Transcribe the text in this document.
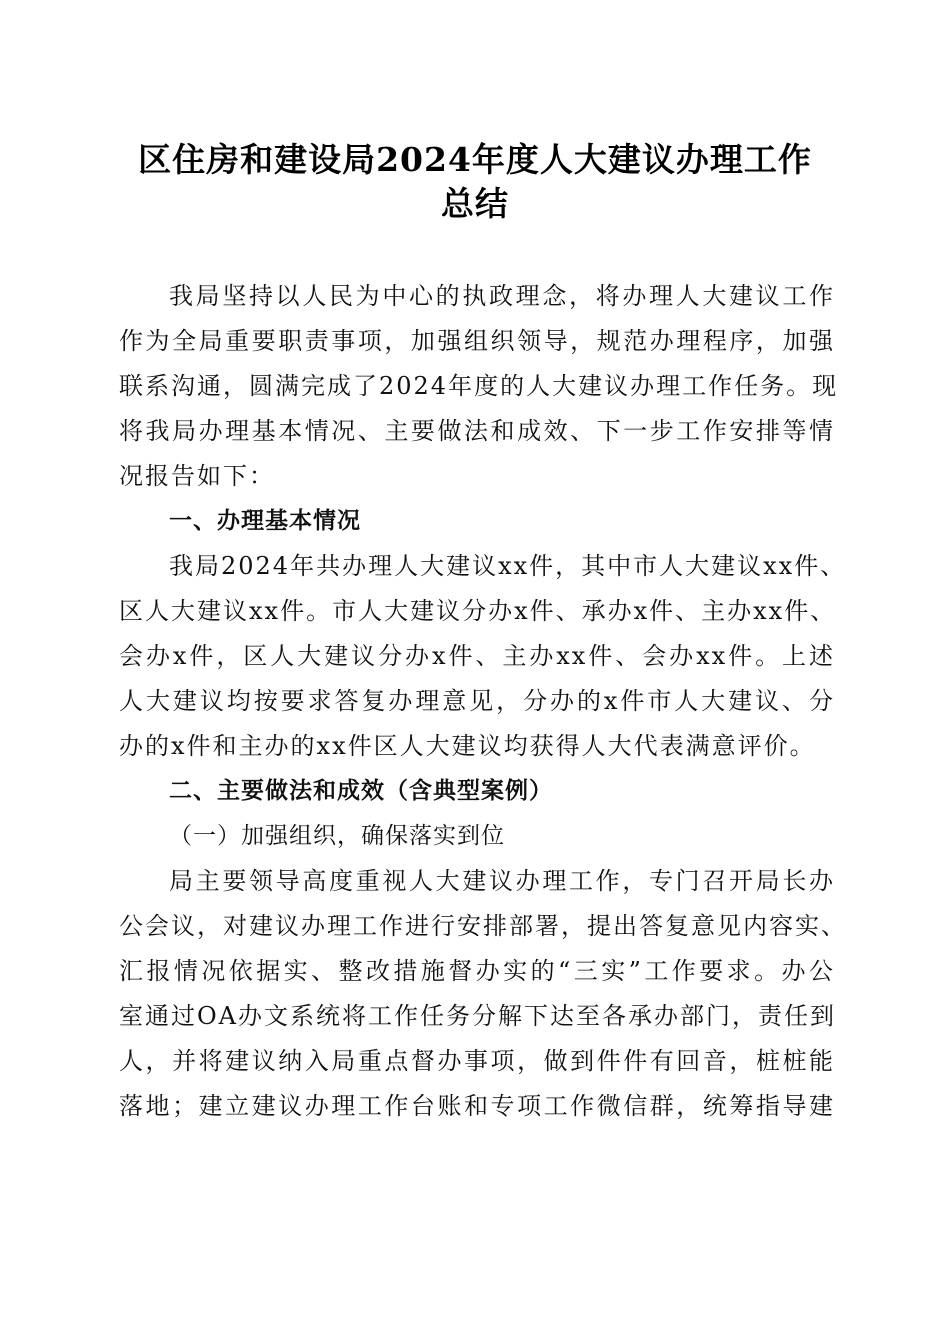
区住房和建设局2024年度人大建议办理工作
总结
我局坚持以人民为中心的执政理念，将办理人大建议工作
作为全局重要职责事项，加强组织领导，规范办理程序，加强
联系沟通，圆满完成了2024年度的人大建议办理工作任务。现
将我局办理基本情况、主要做法和成效、下一步工作安排等情
况报告如下：
一、办理基本情况
我局2024年共办理人大建议xx件，其中市人大建议xx件、
区人大建议xx件。市人大建议分办x件、承办x件、主办xx件、
会办x件，区人大建议分办x件、主办xx件、会办xx件。上述
人大建议均按要求答复办理意见，分办的x件市人大建议、分
办的x件和主办的xx件区人大建议均获得人大代表满意评价。
二、主要做法和成效（含典型案例）
（一）加强组织，确保落实到位
局主要领导高度重视人大建议办理工作，专门召开局长办
公会议，对建议办理工作进行安排部署，提出答复意见内容实、
汇报情况依据实、整改措施督办实的“三实”工作要求。办公
室通过OA办文系统将工作任务分解下达至各承办部门，责任到
人，并将建议纳入局重点督办事项，做到件件有回音，桩桩能
落地；建立建议办理工作台账和专项工作微信群，统筹指导建
